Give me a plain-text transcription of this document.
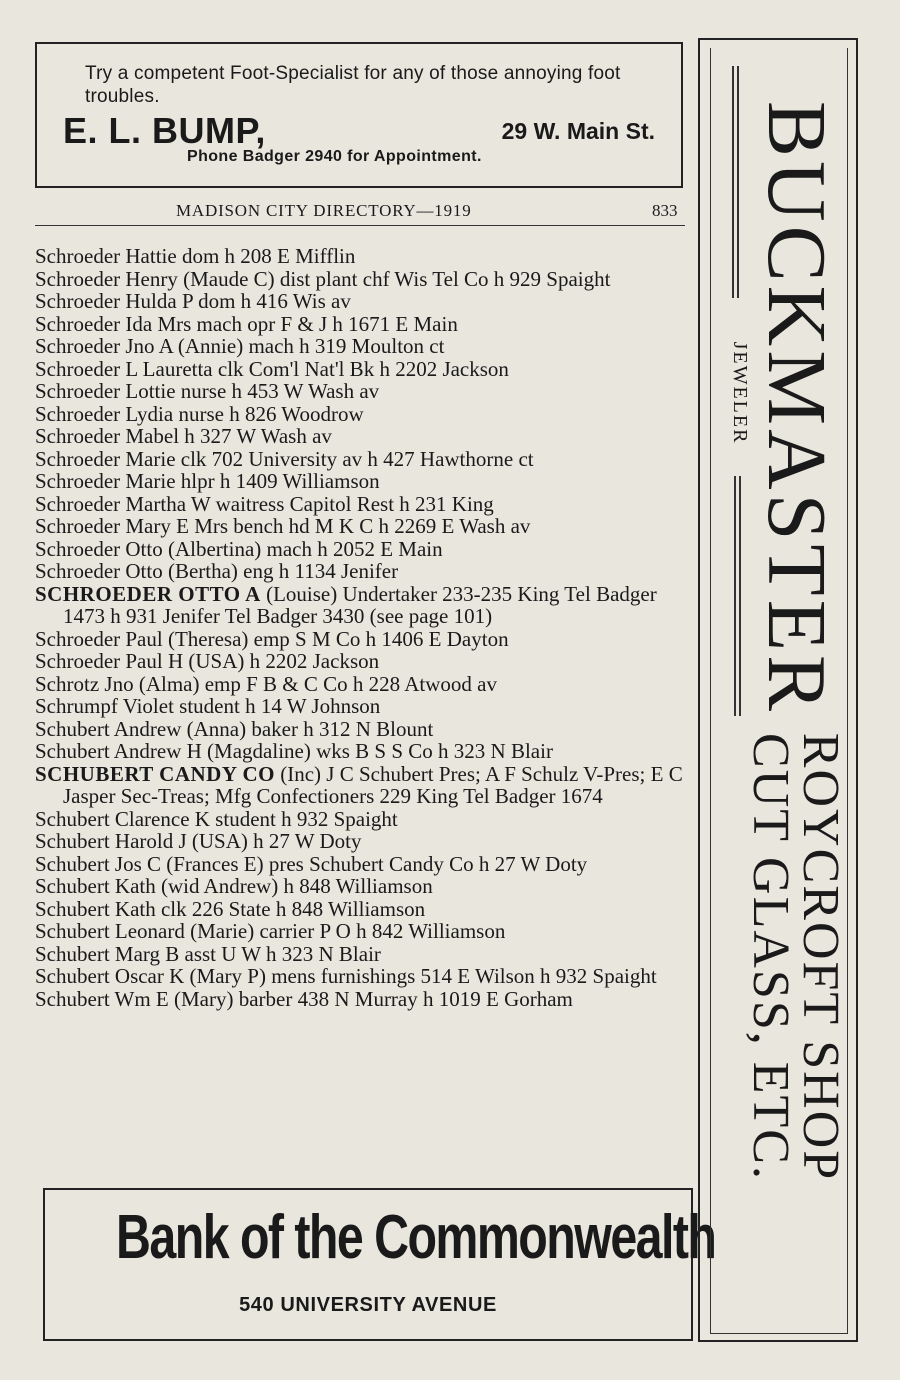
Try a competent Foot-Specialist for any of those annoying foot troubles.
E. L. BUMP,	29 W. Main St.
Phone Badger 2940 for Appointment.
MADISON CITY DIRECTORY—1919	833
Schroeder Hattie dom h 208 E Mifflin
Schroeder Henry (Maude C) dist plant chf Wis Tel Co h 929 Spaight
Schroeder Hulda P dom h 416 Wis av
Schroeder Ida Mrs mach opr F & J h 1671 E Main
Schroeder Jno A (Annie) mach h 319 Moulton ct
Schroeder L Lauretta clk Com'l Nat'l Bk h 2202 Jackson
Schroeder Lottie nurse h 453 W Wash av
Schroeder Lydia nurse h 826 Woodrow
Schroeder Mabel h 327 W Wash av
Schroeder Marie clk 702 University av h 427 Hawthorne ct
Schroeder Marie hlpr h 1409 Williamson
Schroeder Martha W waitress Capitol Rest h 231 King
Schroeder Mary E Mrs bench hd M K C h 2269 E Wash av
Schroeder Otto (Albertina) mach h 2052 E Main
Schroeder Otto (Bertha) eng h 1134 Jenifer
SCHROEDER OTTO A (Louise) Undertaker 233-235 King Tel Badger 1473 h 931 Jenifer Tel Badger 3430 (see page 101)
Schroeder Paul (Theresa) emp S M Co h 1406 E Dayton
Schroeder Paul H (USA) h 2202 Jackson
Schrotz Jno (Alma) emp F B & C Co h 228 Atwood av
Schrumpf Violet student h 14 W Johnson
Schubert Andrew (Anna) baker h 312 N Blount
Schubert Andrew H (Magdaline) wks B S S Co h 323 N Blair
SCHUBERT CANDY CO (Inc) J C Schubert Pres; A F Schulz V-Pres; E C Jasper Sec-Treas; Mfg Confectioners 229 King Tel Badger 1674
Schubert Clarence K student h 932 Spaight
Schubert Harold J (USA) h 27 W Doty
Schubert Jos C (Frances E) pres Schubert Candy Co h 27 W Doty
Schubert Kath (wid Andrew) h 848 Williamson
Schubert Kath clk 226 State h 848 Williamson
Schubert Leonard (Marie) carrier P O h 842 Williamson
Schubert Marg B asst U W h 323 N Blair
Schubert Oscar K (Mary P) mens furnishings 514 E Wilson h 932 Spaight
Schubert Wm E (Mary) barber 438 N Murray h 1019 E Gorham
Bank of the Commonwealth
540 UNIVERSITY AVENUE
BUCKMASTER
JEWELER
ROYCROFT SHOP
CUT GLASS, ETC.
